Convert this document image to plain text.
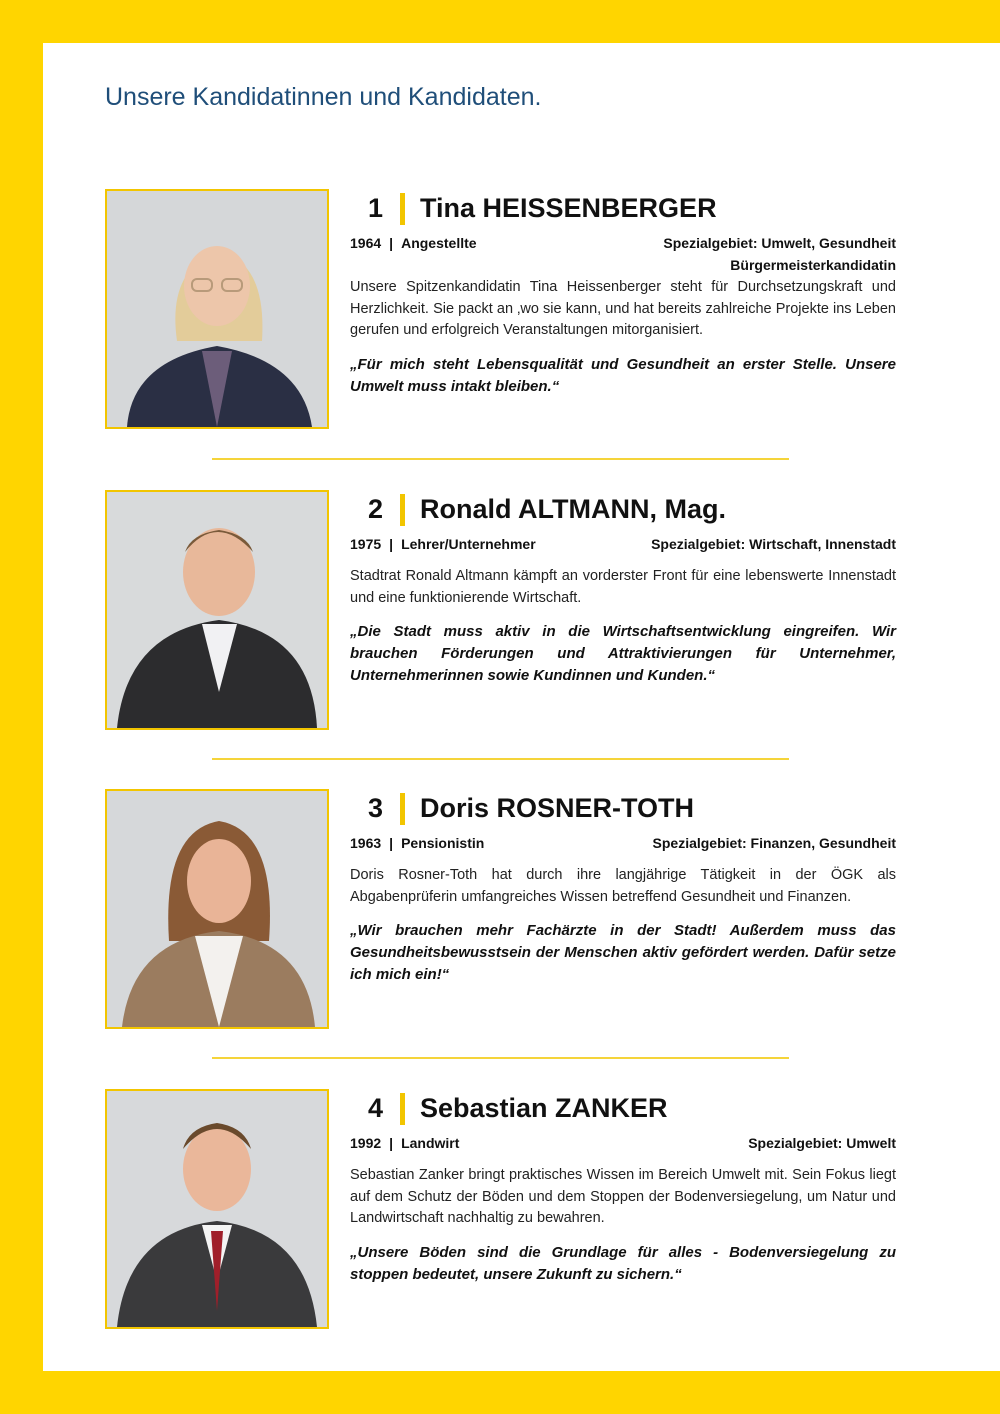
Unsere Kandidatinnen und Kandidaten.
1 Tina HEISSENBERGER
1964 | Angestellte	Spezialgebiet: Umwelt, Gesundheit
Bürgermeisterkandidatin

Unsere Spitzenkandidatin Tina Heissenberger steht für Durchsetzungskraft und Herzlichkeit. Sie packt an ‚wo sie kann, und hat bereits zahlreiche Projekte ins Leben gerufen und erfolgreich Veranstaltungen mitorganisiert.

„Für mich steht Lebensqualität und Gesundheit an erster Stelle. Unsere Umwelt muss intakt bleiben.“

2 Ronald ALTMANN, Mag.
1975 | Lehrer/Unternehmer	Spezialgebiet: Wirtschaft, Innenstadt

Stadtrat Ronald Altmann kämpft an vorderster Front für eine lebenswerte Innenstadt und eine funktionierende Wirtschaft.

„Die Stadt muss aktiv in die Wirtschaftsentwicklung eingreifen. Wir brauchen Förderungen und Attraktivierungen für Unternehmer, Unternehmerinnen sowie Kundinnen und Kunden.“

3 Doris ROSNER-TOTH
1963 | Pensionistin	Spezialgebiet: Finanzen, Gesundheit

Doris Rosner-Toth hat durch ihre langjährige Tätigkeit in der ÖGK als Abgabenprüferin umfangreiches Wissen betreffend Gesundheit und Finanzen.

„Wir brauchen mehr Fachärzte in der Stadt! Außerdem muss das Gesundheitsbewusstsein der Menschen aktiv gefördert werden. Dafür setze ich mich ein!“

4 Sebastian ZANKER
1992 | Landwirt	Spezialgebiet: Umwelt

Sebastian Zanker bringt praktisches Wissen im Bereich Umwelt mit. Sein Fokus liegt auf dem Schutz der Böden und dem Stoppen der Bodenversiegelung, um Natur und Landwirtschaft nachhaltig zu bewahren.

„Unsere Böden sind die Grundlage für alles - Bodenversiegelung zu stoppen bedeutet, unsere Zukunft zu sichern.“
